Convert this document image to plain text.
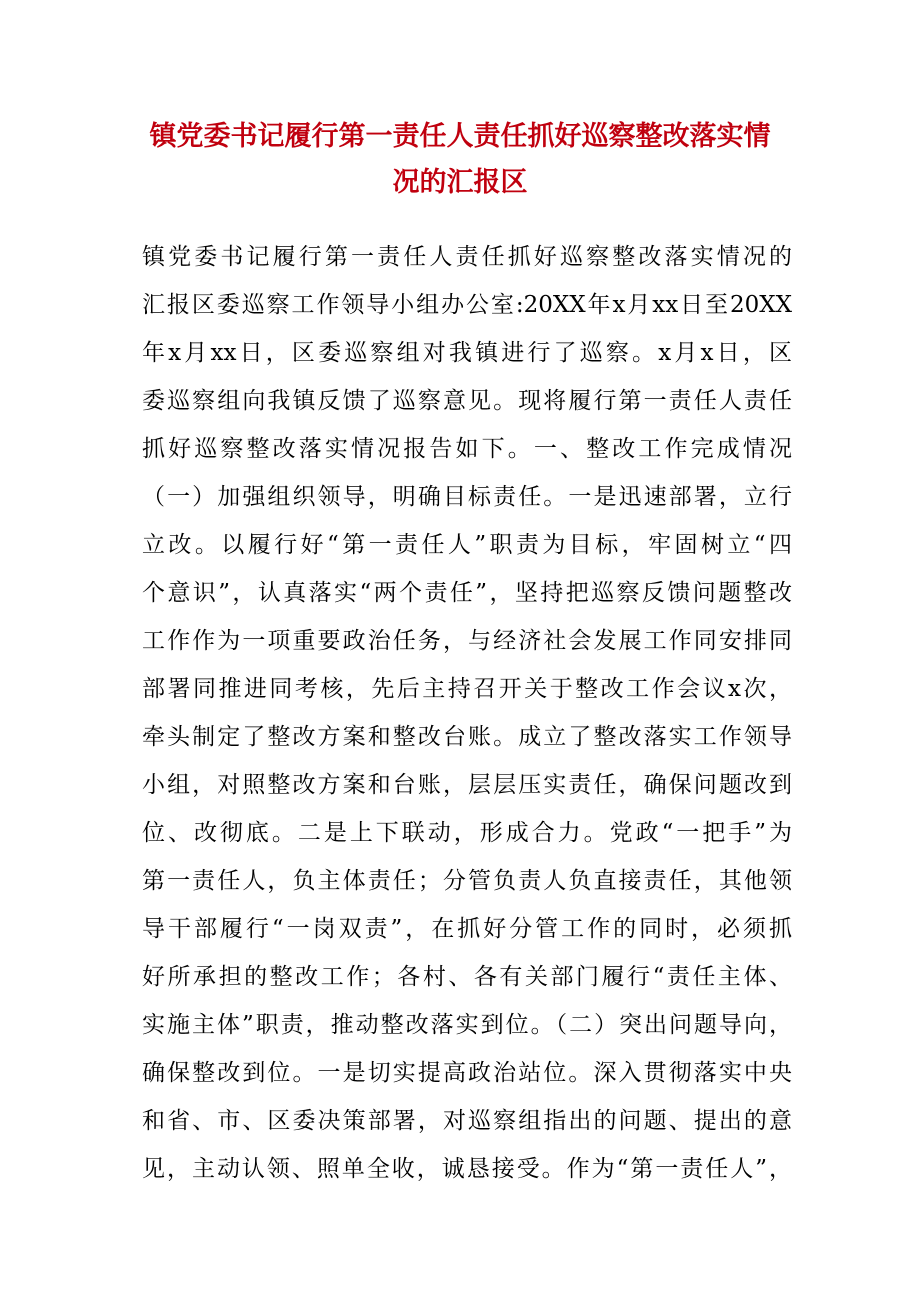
镇党委书记履行第一责任人责任抓好巡察整改落实情
况的汇报区
镇党委书记履行第一责任人责任抓好巡察整改落实情况的
汇报区委巡察工作领导小组办公室:20XX年x月xx日至20XX
年x月xx日，区委巡察组对我镇进行了巡察。x月x日，区
委巡察组向我镇反馈了巡察意见。现将履行第一责任人责任
抓好巡察整改落实情况报告如下。一、整改工作完成情况
（一）加强组织领导，明确目标责任。一是迅速部署，立行
立改。以履行好“第一责任人”职责为目标，牢固树立“四
个意识”，认真落实“两个责任”，坚持把巡察反馈问题整改
工作作为一项重要政治任务，与经济社会发展工作同安排同
部署同推进同考核，先后主持召开关于整改工作会议x次，
牵头制定了整改方案和整改台账。成立了整改落实工作领导
小组，对照整改方案和台账，层层压实责任，确保问题改到
位、改彻底。二是上下联动，形成合力。党政“一把手”为
第一责任人，负主体责任；分管负责人负直接责任，其他领
导干部履行“一岗双责”，在抓好分管工作的同时，必须抓
好所承担的整改工作；各村、各有关部门履行“责任主体、
实施主体”职责，推动整改落实到位。（二）突出问题导向，
确保整改到位。一是切实提高政治站位。深入贯彻落实中央
和省、市、区委决策部署，对巡察组指出的问题、提出的意
见，主动认领、照单全收，诚恳接受。作为“第一责任人”，
